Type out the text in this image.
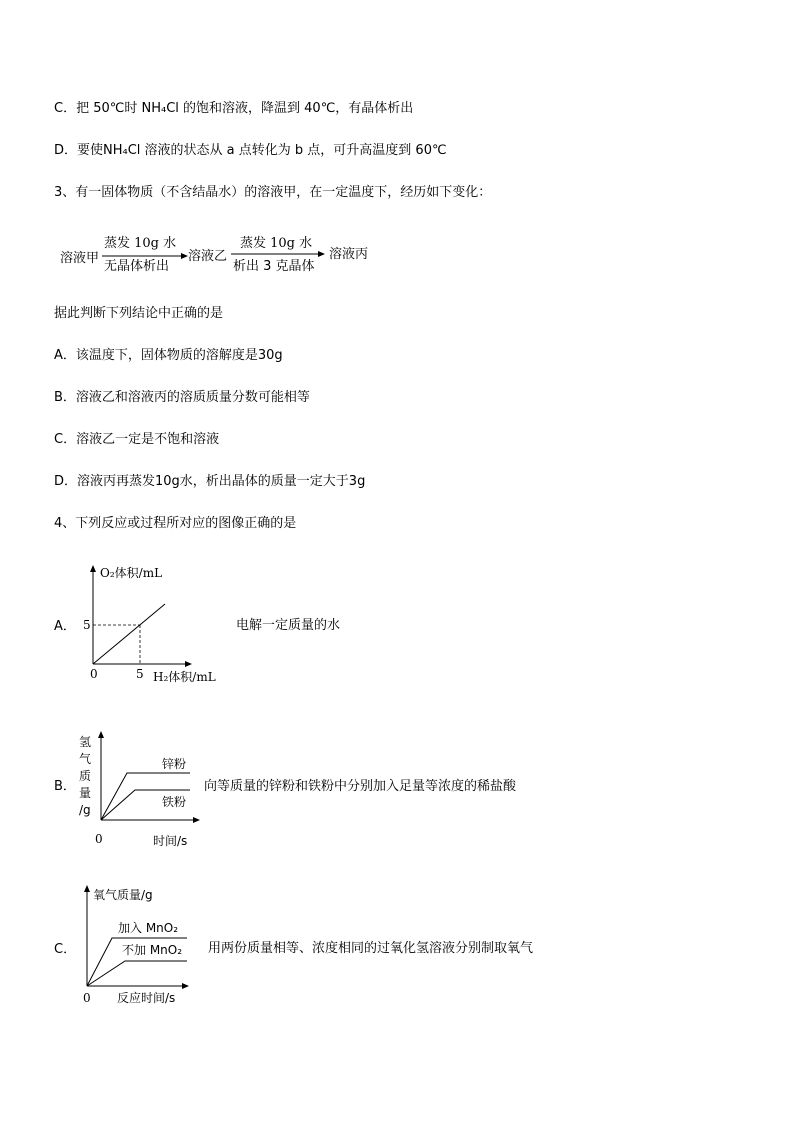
C．把 50℃时 NH₄Cl 的饱和溶液，降温到 40℃，有晶体析出
D．要使NH₄Cl 溶液的状态从 a 点转化为 b 点，可升高温度到 60℃
3、有一固体物质（不含结晶水）的溶液甲，在一定温度下，经历如下变化：
溶液甲
蒸发 10g 水
无晶体析出
溶液乙
蒸发 10g 水
析出 3 克晶体
溶液丙
据此判断下列结论中正确的是
A．该温度下，固体物质的溶解度是30g
B．溶液乙和溶液丙的溶质质量分数可能相等
C．溶液乙一定是不饱和溶液
D．溶液丙再蒸发10g水，析出晶体的质量一定大于3g
4、下列反应或过程所对应的图像正确的是
A．
O₂体积/mL
H₂体积/mL
0	5
5	电解一定质量的水
B．
氢
气
质
量
/g
0	时间/s
锌粉
铁粉
向等质量的锌粉和铁粉中分别加入足量等浓度的稀盐酸
C．
氧气质量/g
0 反应时间/s
加入 MnO₂
不加 MnO₂ 用两份质量相等、浓度相同的过氧化氢溶液分别制取氧气
